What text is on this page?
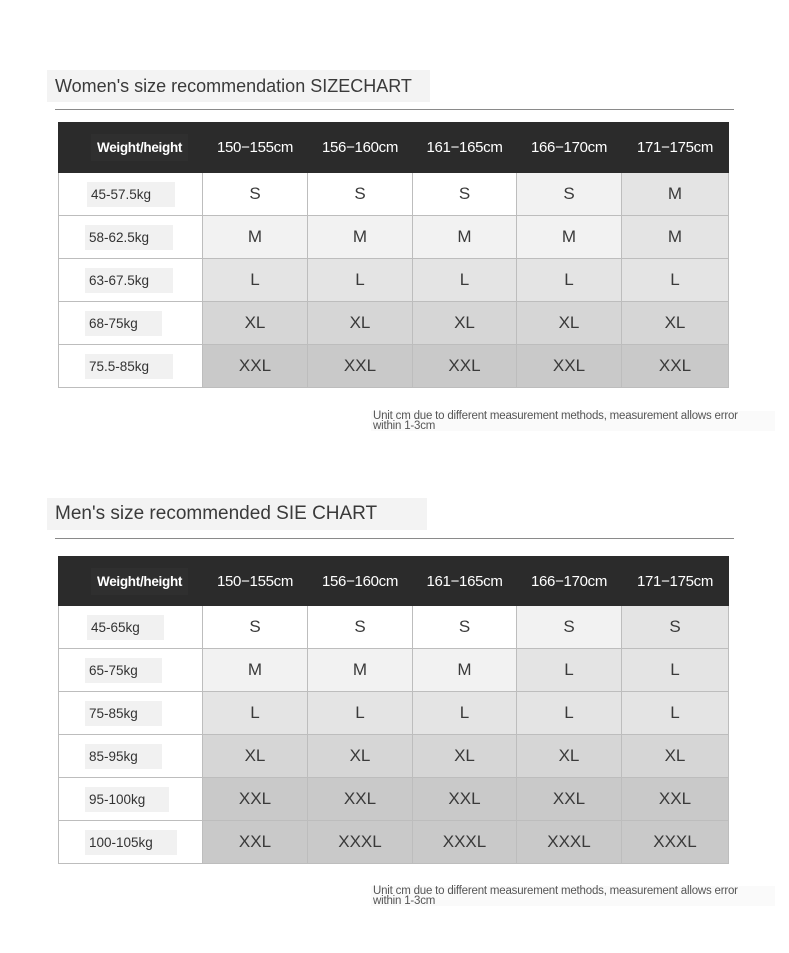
Women's size recommendation SIZECHART
Weight/height	150−155cm	156−160cm	161−165cm	166−170cm	171−175cm
45-57.5kg	S	S	S	S	M
58-62.5kg	M	M	M	M	M
63-67.5kg	L	L	L	L	L
68-75kg	XL	XL	XL	XL	XL
75.5-85kg	XXL	XXL	XXL	XXL	XXL
Unit cm due to different measurement methods, measurement allows error
within 1-3cm
Men's size recommended SIE CHART
Weight/height	150−155cm	156−160cm	161−165cm	166−170cm	171−175cm
45-65kg	S	S	S	S	S
65-75kg	M	M	M	L	L
75-85kg	L	L	L	L	L
85-95kg	XL	XL	XL	XL	XL
95-100kg	XXL	XXL	XXL	XXL	XXL
100-105kg	XXL	XXXL	XXXL	XXXL	XXXL
Unit cm due to different measurement methods, measurement allows error
within 1-3cm
